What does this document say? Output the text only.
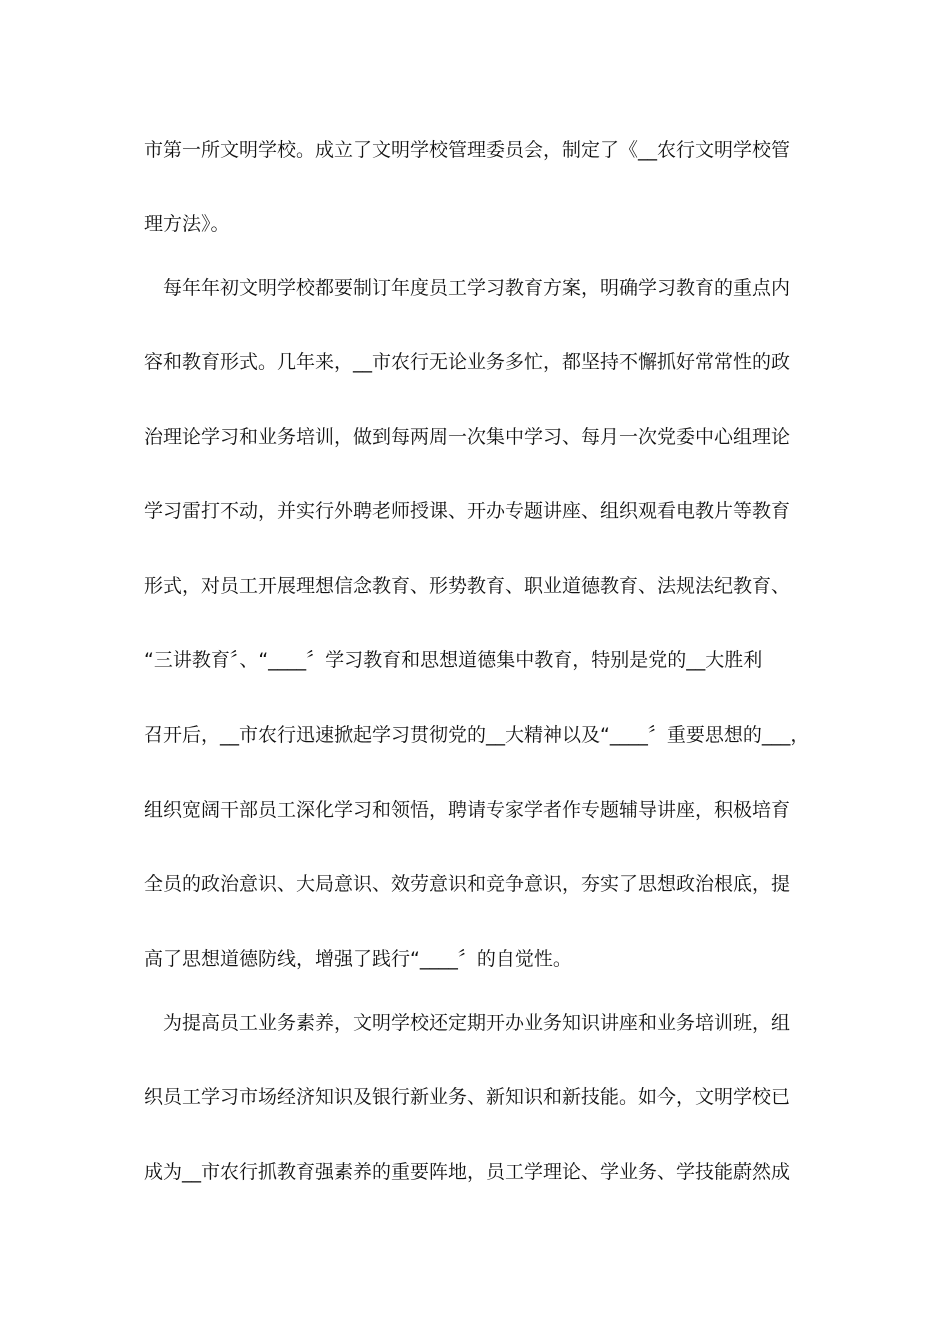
市第一所文明学校。成立了文明学校管理委员会，制定了《__农行文明学校管
理方法》。
　每年年初文明学校都要制订年度员工学习教育方案，明确学习教育的重点内
容和教育形式。几年来，__市农行无论业务多忙，都坚持不懈抓好常常性的政
治理论学习和业务培训，做到每两周一次集中学习、每月一次党委中心组理论
学习雷打不动，并实行外聘老师授课、开办专题讲座、组织观看电教片等教育
形式，对员工开展理想信念教育、形势教育、职业道德教育、法规法纪教育、
“三讲教育〞、“____〞学习教育和思想道德集中教育，特别是党的__大胜利
召开后，__市农行迅速掀起学习贯彻党的__大精神以及“____〞重要思想的___，
组织宽阔干部员工深化学习和领悟，聘请专家学者作专题辅导讲座，积极培育
全员的政治意识、大局意识、效劳意识和竞争意识，夯实了思想政治根底，提
高了思想道德防线，增强了践行“____〞的自觉性。
　为提高员工业务素养，文明学校还定期开办业务知识讲座和业务培训班，组
织员工学习市场经济知识及银行新业务、新知识和新技能。如今，文明学校已
成为__市农行抓教育强素养的重要阵地，员工学理论、学业务、学技能蔚然成
